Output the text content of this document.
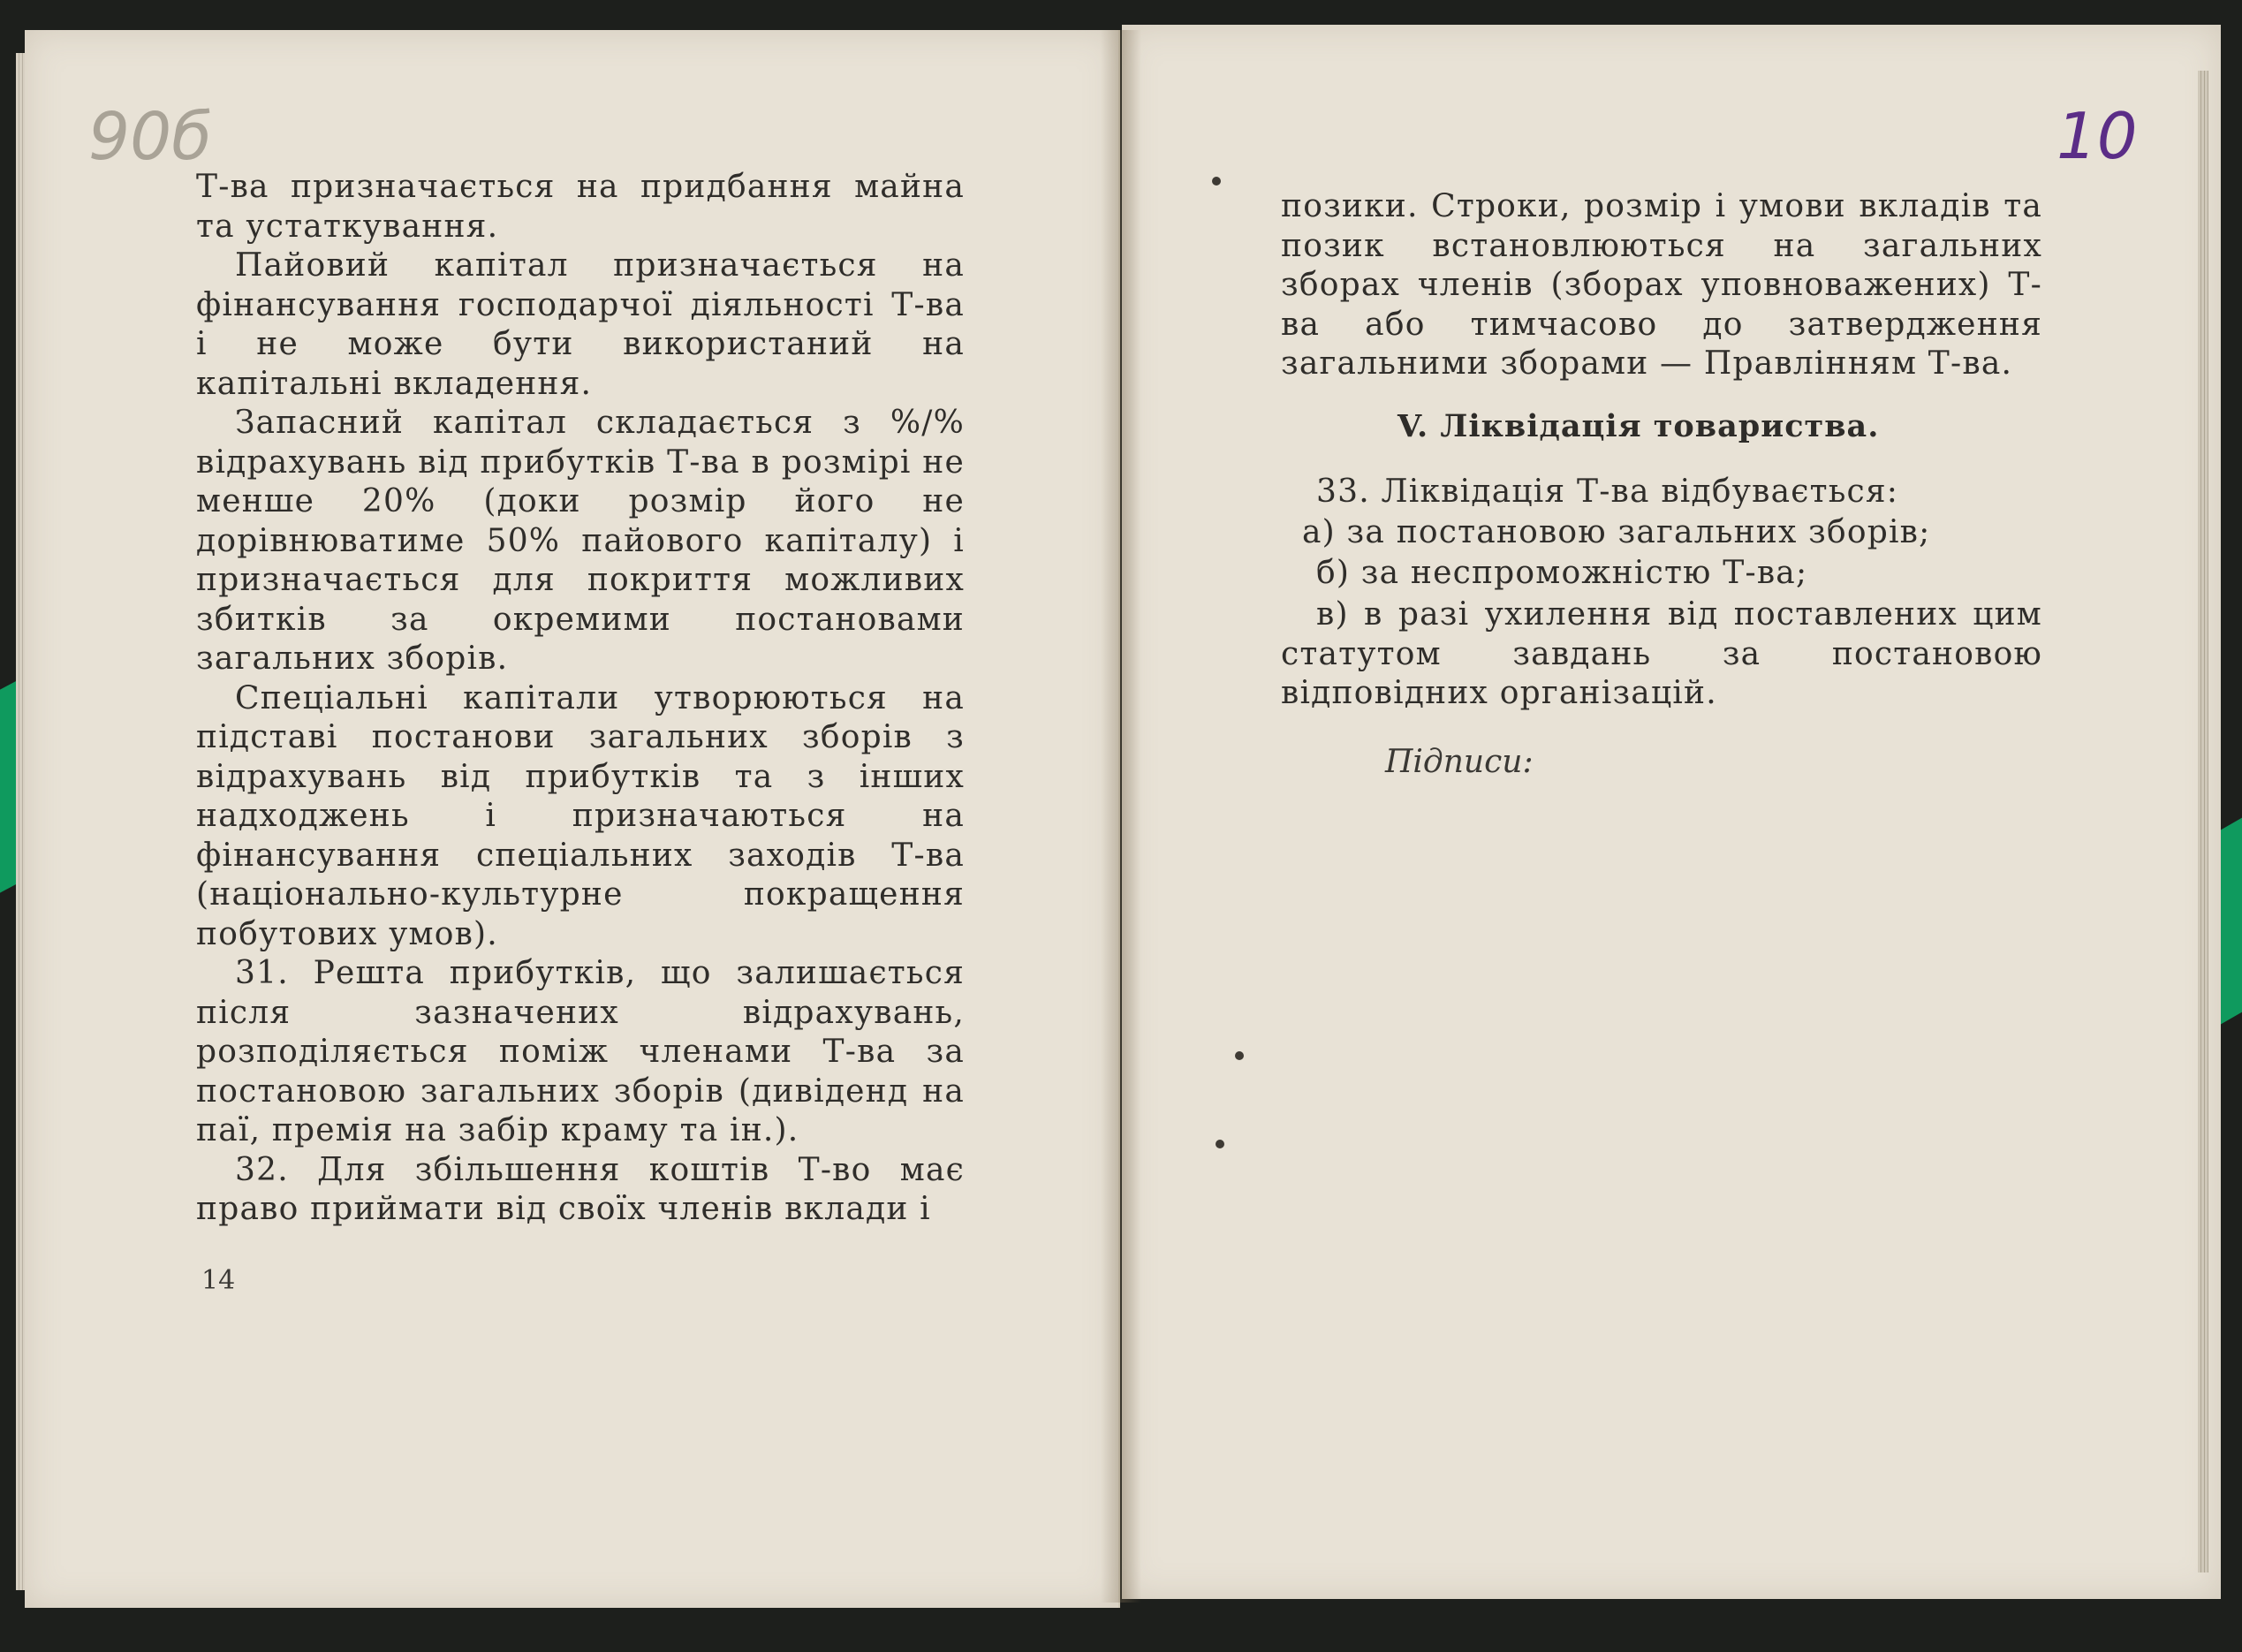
90б	10

Т-ва призначається на придбання майна та устаткування.

Пайовий капітал призначається на фінансування господарчої діяльності Т-ва і не може бути використаний на капітальні вкладення.

Запасний капітал складається з %/% відрахувань від прибутків Т-ва в розмірі не менше 20% (доки розмір його не дорівнюватиме 50% пайового капіталу) і призначається для покриття можливих збитків за окремими постановами загальних зборів.

Спеціальні капітали утворюються на підставі постанови загальних зборів з відрахувань від прибутків та з інших надходжень і призначаються на фінансування спеціальних заходів Т-ва (національно-культурне покращення побутових умов).

31. Решта прибутків, що залишається після зазначених відрахувань, розподіляється поміж членами Т-ва за постановою загальних зборів (дивіденд на паї, премія на забір краму та ін.).

32. Для збільшення коштів Т-во має право приймати від своїх членів вклади і

14

позики. Строки, розмір і умови вкладів та позик встановлюються на загальних зборах членів (зборах уповноважених) Т-ва або тимчасово до затвердження загальними зборами — Правлінням Т-ва.

V. Ліквідація товариства.
33. Ліквідація Т-ва відбувається:
а) за постановою загальних зборів;
б) за неспроможністю Т-ва;
в) в разі ухилення від поставлених цим статутом завдань за постановою відповідних організацій.
Підписи:
